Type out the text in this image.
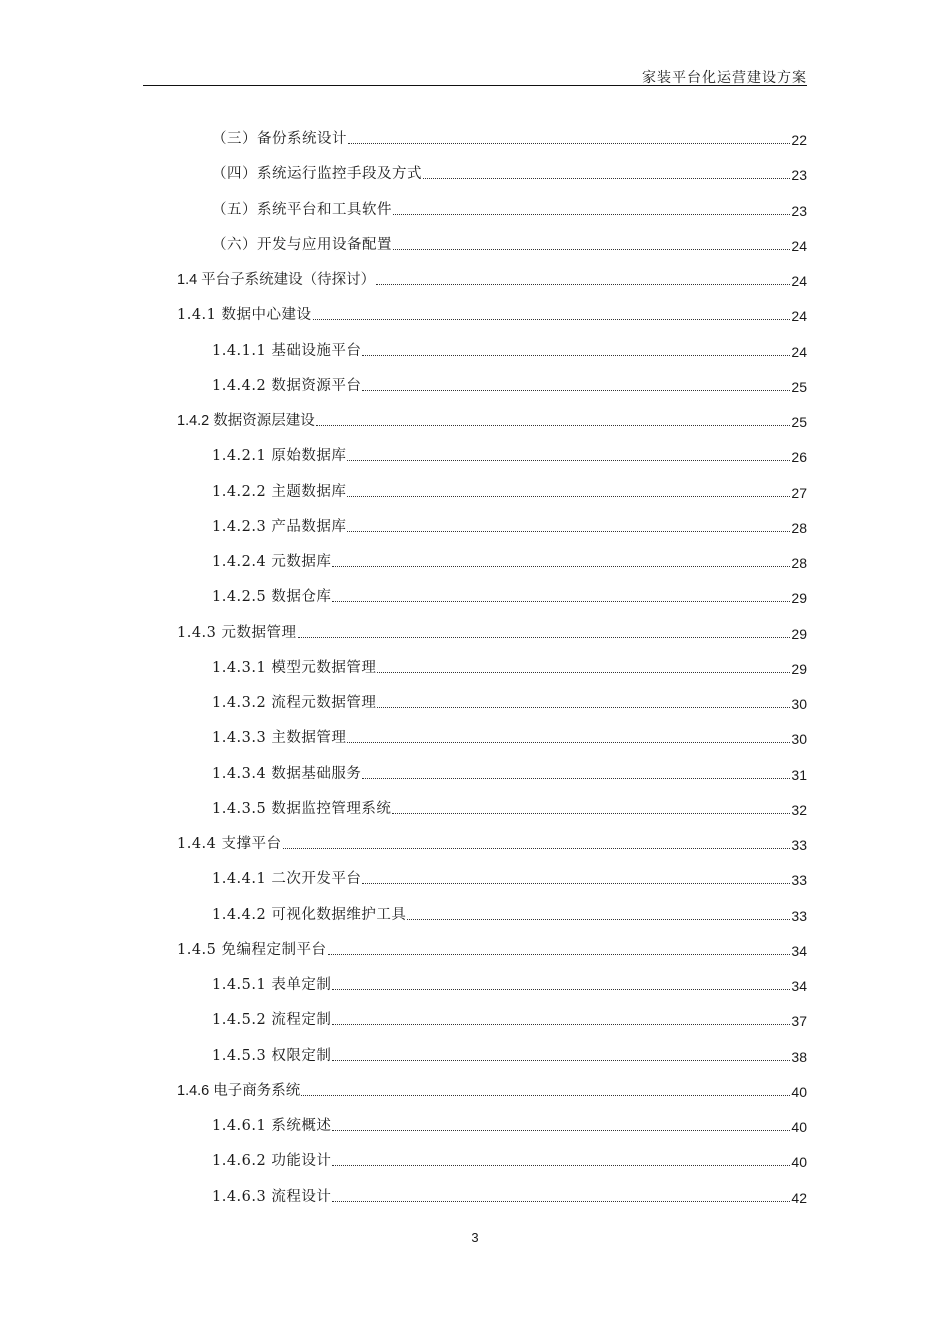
家装平台化运营建设方案
（三）备份系统设计	22
（四）系统运行监控手段及方式	23
（五）系统平台和工具软件	23
（六）开发与应用设备配置	24
1.4 平台子系统建设（待探讨）	24
1.4.1 数据中心建设	24
1.4.1.1 基础设施平台	24
1.4.4.2 数据资源平台	25
1.4.2 数据资源层建设	25
1.4.2.1 原始数据库	26
1.4.2.2 主题数据库	27
1.4.2.3 产品数据库	28
1.4.2.4 元数据库	28
1.4.2.5 数据仓库	29
1.4.3 元数据管理	29
1.4.3.1 模型元数据管理	29
1.4.3.2 流程元数据管理	30
1.4.3.3 主数据管理	30
1.4.3.4 数据基础服务	31
1.4.3.5 数据监控管理系统	32
1.4.4 支撑平台	33
1.4.4.1 二次开发平台	33
1.4.4.2 可视化数据维护工具	33
1.4.5 免编程定制平台	34
1.4.5.1 表单定制	34
1.4.5.2 流程定制	37
1.4.5.3 权限定制	38
1.4.6 电子商务系统	40
1.4.6.1 系统概述	40
1.4.6.2 功能设计	40
1.4.6.3 流程设计	42
3
